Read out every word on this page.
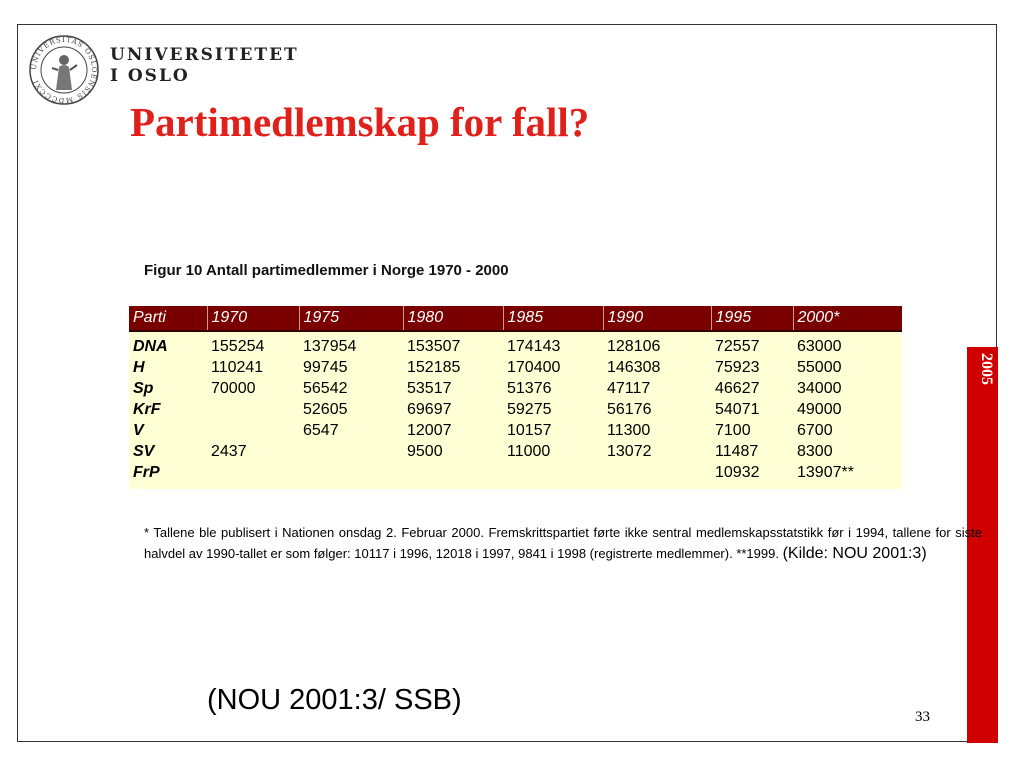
2005
UNIVERSITAS OSLOENSIS MDCCCXI
UNIVERSITETET
I OSLO
Partimedlemskap for fall?
Figur 10 Antall partimedlemmer i Norge 1970 - 2000
Parti	1970	1975	1980	1985	1990	1995	2000*
DNA	155254	137954	153507	174143	128106	72557	63000
H	110241	99745	152185	170400	146308	75923	55000
Sp	70000	56542	53517	51376	47117	46627	34000
KrF		52605	69697	59275	56176	54071	49000
V		6547	12007	10157	11300	7100	6700
SV	2437		9500	11000	13072	11487	8300
FrP						10932	13907**
* Tallene ble publisert i Nationen onsdag 2. Februar 2000. Fremskrittspartiet førte ikke sentral medlemskapsstatstikk før i 1994, tallene for siste halvdel av 1990-tallet er som følger: 10117 i 1996, 12018 i 1997, 9841 i 1998 (registrerte medlemmer). **1999. (Kilde: NOU 2001:3)
(NOU 2001:3/ SSB)
33
